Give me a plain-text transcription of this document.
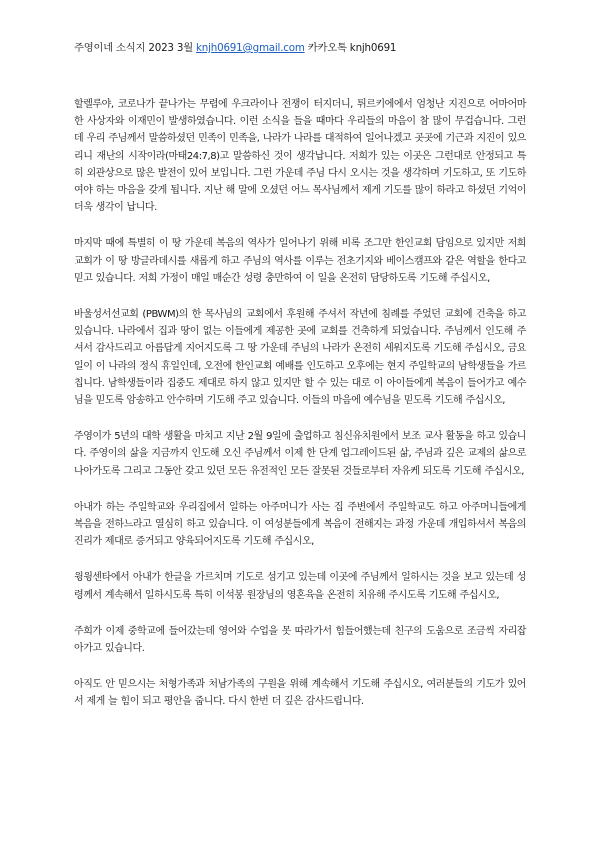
주영이네 소식지 2023 3월 knjh0691@gmail.com 카카오톡 knjh0691

할렐루야, 코로나가 끝나가는 무렵에 우크라이나 전쟁이 터지더니, 튀르키에에서 엄청난 지진으로 어마어마한 사상자와 이재민이 발생하였습니다. 이런 소식을 들을 때마다 우리들의 마음이 참 많이 무겁습니다. 그런데 우리 주님께서 말씀하셨던 민족이 민족을, 나라가 나라를 대적하여 일어나겠고 곳곳에 기근과 지진이 있으리니 재난의 시작이라(마태24:7,8)고 말씀하신 것이 생각납니다. 저희가 있는 이곳은 그런대로 안정되고 특히 외관상으로 많은 발전이 있어 보입니다. 그런 가운데 주님 다시 오시는 것을 생각하며 기도하고, 또 기도하여야 하는 마음을 갖게 됩니다. 지난 해 말에 오셨던 어느 목사님께서 제게 기도를 많이 하라고 하셨던 기억이 더욱 생각이 납니다.

마지막 때에 특별히 이 땅 가운데 복음의 역사가 일어나기 위해 비록 조그만 한인교회 담임으로 있지만 저희 교회가 이 땅 방글라데시를 새롭게 하고 주님의 역사를 이루는 전초기지와 베이스캠프와 같은 역할을 한다고 믿고 있습니다. 저희 가정이 매일 매순간 성령 충만하여 이 일을 온전히 담당하도록 기도해 주십시오,

바울성서선교회 (PBWM)의 한 목사님의 교회에서 후원해 주셔서 작년에 침례를 주었던 교회에 건축을 하고 있습니다. 나라에서 집과 땅이 없는 이들에게 제공한 곳에 교회를 건축하게 되었습니다. 주님께서 인도해 주셔서 감사드리고 아름답게 지어지도록 그 땅 가운데 주님의 나라가 온전히 세워지도록 기도해 주십시오, 금요일이 이 나라의 정식 휴일인데, 오전에 한인교회 예배를 인도하고 오후에는 현지 주일학교의 남학생들을 가르칩니다. 남학생들이라 집중도 제대로 하지 않고 있지만 할 수 있는 대로 이 아이들에게 복음이 들어가고 예수님을 믿도록 암송하고 안수하며 기도해 주고 있습니다. 이들의 마음에 예수님을 믿도록 기도해 주십시오,

주영이가 5년의 대학 생활을 마치고 지난 2월 9일에 출업하고 침신유치원에서 보조 교사 활동을 하고 있습니다. 주영이의 삶을 지금까지 인도해 오신 주님께서 이제 한 단계 업그레이드된 삶, 주님과 깊은 교제의 삶으로 나아가도록 그리고 그동안 갖고 있던 모든 유전적인 모든 잘못된 것들로부터 자유케 되도록 기도해 주십시오,

아내가 하는 주일학교와 우리집에서 일하는 아주머니가 사는 집 주변에서 주일학교도 하고 아주머니들에게 복음을 전하느라고 열심히 하고 있습니다. 이 여성분들에게 복음이 전해지는 과정 가운데 개입하셔서 복음의 진리가 제대로 증거되고 양육되어지도록 기도해 주십시오,

윙윙센타에서 아내가 한글을 가르치며 기도로 섬기고 있는데 이곳에 주님께서 일하시는 것을 보고 있는데 성령께서 계속해서 일하시도록 특히 이석봉 원장님의 영혼육을 온전히 치유해 주시도록 기도해 주십시오,

주희가 이제 중학교에 들어갔는데 영어와 수업을 못 따라가서 힘들어했는데 친구의 도움으로 조금씩 자리잡아가고 있습니다.

아직도 안 믿으시는 처형가족과 처남가족의 구원을 위해 계속해서 기도해 주십시오, 여러분들의 기도가 있어서 제게 늘 힘이 되고 평안을 줍니다. 다시 한번 더 깊은 감사드립니다.
